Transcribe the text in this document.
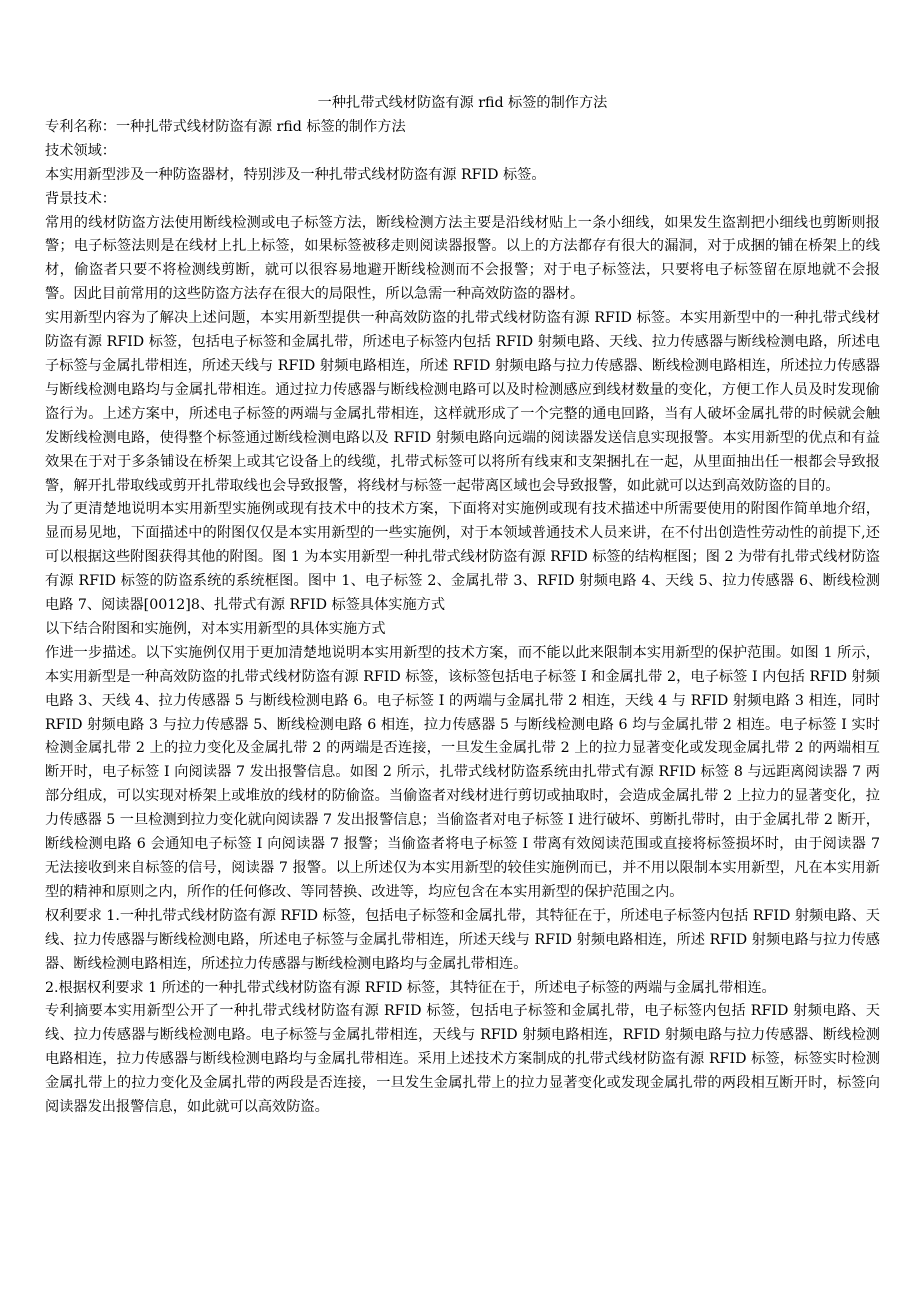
一种扎带式线材防盗有源 rfid 标签的制作方法
专利名称：一种扎带式线材防盗有源 rfid 标签的制作方法
技术领域：
本实用新型涉及一种防盗器材，特别涉及一种扎带式线材防盗有源 RFID 标签。
背景技术：
常用的线材防盗方法使用断线检测或电子标签方法，断线检测方法主要是沿线材贴上一条小细线，如果发生盗割把小细线也剪断则报警；电子标签法则是在线材上扎上标签，如果标签被移走则阅读器报警。以上的方法都存有很大的漏洞，对于成捆的铺在桥架上的线材，偷盗者只要不将检测线剪断，就可以很容易地避开断线检测而不会报警；对于电子标签法，只要将电子标签留在原地就不会报警。因此目前常用的这些防盗方法存在很大的局限性，所以急需一种高效防盗的器材。
实用新型内容为了解决上述问题，本实用新型提供一种高效防盗的扎带式线材防盗有源 RFID 标签。本实用新型中的一种扎带式线材防盗有源 RFID 标签，包括电子标签和金属扎带，所述电子标签内包括 RFID 射频电路、天线、拉力传感器与断线检测电路，所述电子标签与金属扎带相连，所述天线与 RFID 射频电路相连，所述 RFID 射频电路与拉力传感器、断线检测电路相连，所述拉力传感器与断线检测电路均与金属扎带相连。通过拉力传感器与断线检测电路可以及时检测感应到线材数量的变化，方便工作人员及时发现偷盗行为。上述方案中，所述电子标签的两端与金属扎带相连，这样就形成了一个完整的通电回路，当有人破坏金属扎带的时候就会触发断线检测电路，使得整个标签通过断线检测电路以及 RFID 射频电路向远端的阅读器发送信息实现报警。本实用新型的优点和有益效果在于对于多条铺设在桥架上或其它设备上的线缆，扎带式标签可以将所有线束和支架捆扎在一起，从里面抽出任一根都会导致报警，解开扎带取线或剪开扎带取线也会导致报警，将线材与标签一起带离区域也会导致报警，如此就可以达到高效防盗的目的。
为了更清楚地说明本实用新型实施例或现有技术中的技术方案，下面将对实施例或现有技术描述中所需要使用的附图作简单地介绍，显而易见地，下面描述中的附图仅仅是本实用新型的一些实施例，对于本领域普通技术人员来讲，在不付出创造性劳动性的前提下,还可以根据这些附图获得其他的附图。图 1 为本实用新型一种扎带式线材防盗有源 RFID 标签的结构框图；图 2 为带有扎带式线材防盗有源 RFID 标签的防盗系统的系统框图。图中 1、电子标签 2、金属扎带 3、RFID 射频电路 4、天线 5、拉力传感器 6、断线检测电路 7、阅读器[0012]8、扎带式有源 RFID 标签具体实施方式
以下结合附图和实施例，对本实用新型的具体实施方式
作进一步描述。以下实施例仅用于更加清楚地说明本实用新型的技术方案，而不能以此来限制本实用新型的保护范围。如图 1 所示，本实用新型是一种高效防盗的扎带式线材防盗有源 RFID 标签，该标签包括电子标签 I 和金属扎带 2，电子标签 I 内包括 RFID 射频电路 3、天线 4、拉力传感器 5 与断线检测电路 6。电子标签 I 的两端与金属扎带 2 相连，天线 4 与 RFID 射频电路 3 相连，同时 RFID 射频电路 3 与拉力传感器 5、断线检测电路 6 相连，拉力传感器 5 与断线检测电路 6 均与金属扎带 2 相连。电子标签 I 实时检测金属扎带 2 上的拉力变化及金属扎带 2 的两端是否连接，一旦发生金属扎带 2 上的拉力显著变化或发现金属扎带 2 的两端相互断开时，电子标签 I 向阅读器 7 发出报警信息。如图 2 所示，扎带式线材防盗系统由扎带式有源 RFID 标签 8 与远距离阅读器 7 两部分组成，可以实现对桥架上或堆放的线材的防偷盗。当偷盗者对线材进行剪切或抽取时，会造成金属扎带 2 上拉力的显著变化，拉力传感器 5 一旦检测到拉力变化就向阅读器 7 发出报警信息；当偷盗者对电子标签 I 进行破坏、剪断扎带时，由于金属扎带 2 断开，断线检测电路 6 会通知电子标签 I 向阅读器 7 报警；当偷盗者将电子标签 I 带离有效阅读范围或直接将标签损坏时，由于阅读器 7 无法接收到来自标签的信号，阅读器 7 报警。以上所述仅为本实用新型的较佳实施例而已，并不用以限制本实用新型，凡在本实用新型的精神和原则之内，所作的任何修改、等同替换、改进等，均应包含在本实用新型的保护范围之内。
权利要求 1.一种扎带式线材防盗有源 RFID 标签，包括电子标签和金属扎带，其特征在于，所述电子标签内包括 RFID 射频电路、天线、拉力传感器与断线检测电路，所述电子标签与金属扎带相连，所述天线与 RFID 射频电路相连，所述 RFID 射频电路与拉力传感器、断线检测电路相连，所述拉力传感器与断线检测电路均与金属扎带相连。
2.根据权利要求 1 所述的一种扎带式线材防盗有源 RFID 标签，其特征在于，所述电子标签的两端与金属扎带相连。
专利摘要本实用新型公开了一种扎带式线材防盗有源 RFID 标签，包括电子标签和金属扎带，电子标签内包括 RFID 射频电路、天线、拉力传感器与断线检测电路。电子标签与金属扎带相连，天线与 RFID 射频电路相连，RFID 射频电路与拉力传感器、断线检测电路相连，拉力传感器与断线检测电路均与金属扎带相连。采用上述技术方案制成的扎带式线材防盗有源 RFID 标签，标签实时检测金属扎带上的拉力变化及金属扎带的两段是否连接，一旦发生金属扎带上的拉力显著变化或发现金属扎带的两段相互断开时，标签向阅读器发出报警信息，如此就可以高效防盗。
